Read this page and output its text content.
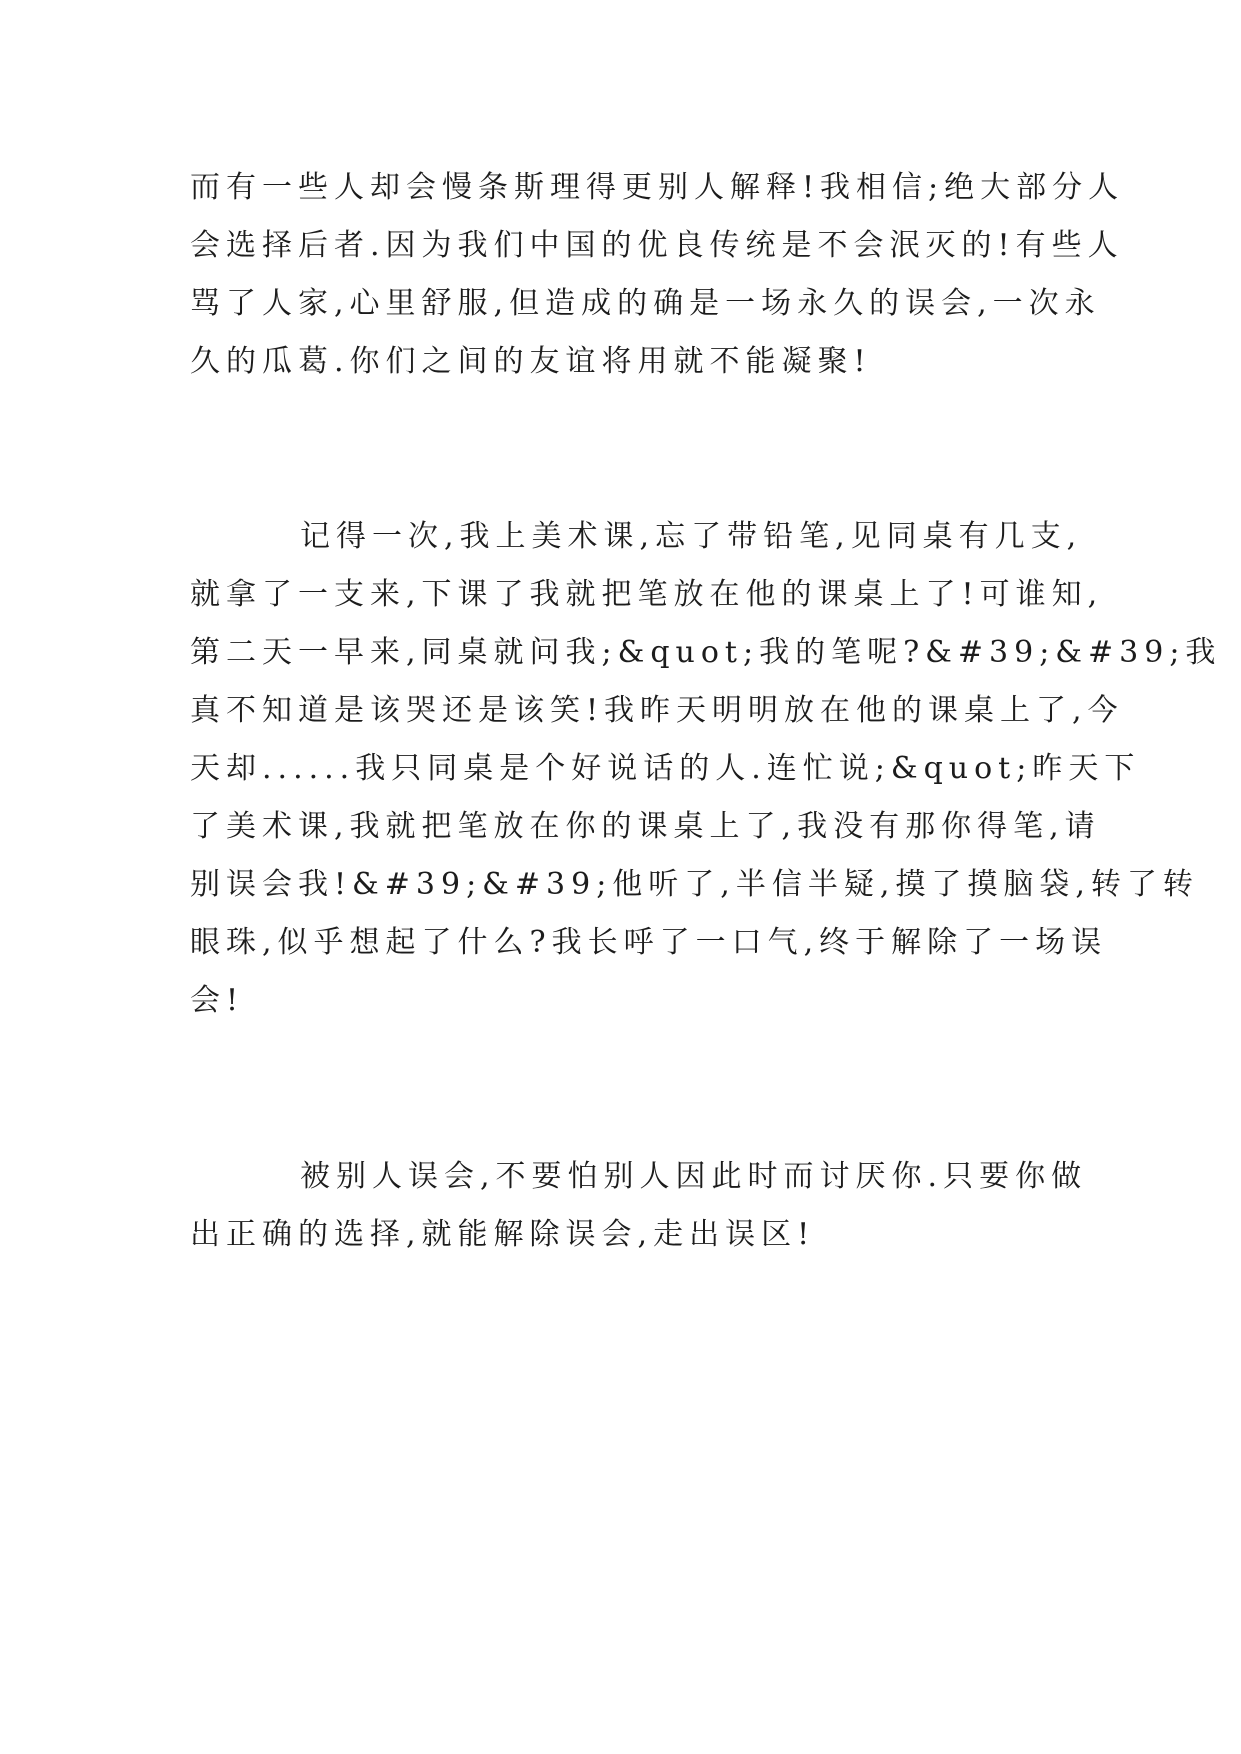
而有一些人却会慢条斯理得更别人解释!我相信;绝大部分人
会选择后者.因为我们中国的优良传统是不会泯灭的!有些人
骂了人家,心里舒服,但造成的确是一场永久的误会,一次永
久的瓜葛.你们之间的友谊将用就不能凝聚!

记得一次,我上美术课,忘了带铅笔,见同桌有几支,
就拿了一支来,下课了我就把笔放在他的课桌上了!可谁知,
第二天一早来,同桌就问我;&quot;我的笔呢?&#39;&#39;我
真不知道是该哭还是该笑!我昨天明明放在他的课桌上了,今
天却......我只同桌是个好说话的人.连忙说;&quot;昨天下
了美术课,我就把笔放在你的课桌上了,我没有那你得笔,请
别误会我!&#39;&#39;他听了,半信半疑,摸了摸脑袋,转了转
眼珠,似乎想起了什么?我长呼了一口气,终于解除了一场误
会!

被别人误会,不要怕别人因此时而讨厌你.只要你做
出正确的选择,就能解除误会,走出误区!
